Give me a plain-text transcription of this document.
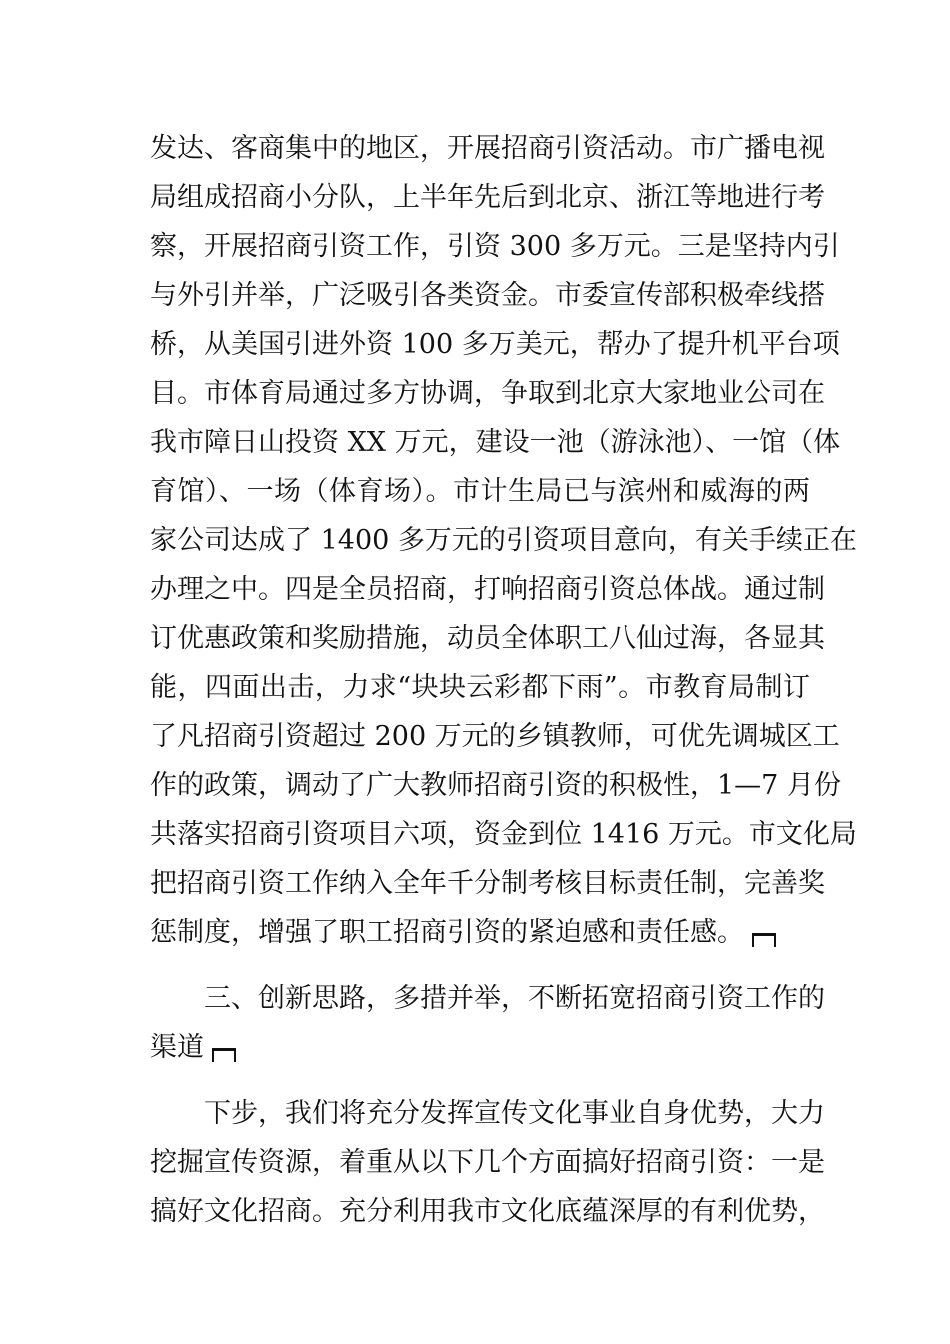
发达、客商集中的地区，开展招商引资活动。市广播电视
局组成招商小分队，上半年先后到北京、浙江等地进行考
察，开展招商引资工作，引资 300 多万元。三是坚持内引
与外引并举，广泛吸引各类资金。市委宣传部积极牵线搭
桥，从美国引进外资 100 多万美元，帮办了提升机平台项
目。市体育局通过多方协调，争取到北京大家地业公司在
我市障日山投资 XX 万元，建设一池（游泳池）、一馆（体
育馆）、一场（体育场）。市计生局已与滨州和威海的两
家公司达成了 1400 多万元的引资项目意向，有关手续正在
办理之中。四是全员招商，打响招商引资总体战。通过制
订优惠政策和奖励措施，动员全体职工八仙过海，各显其
能，四面出击，力求“块块云彩都下雨”。市教育局制订
了凡招商引资超过 200 万元的乡镇教师，可优先调城区工
作的政策，调动了广大教师招商引资的积极性，1—7 月份
共落实招商引资项目六项，资金到位 1416 万元。市文化局
把招商引资工作纳入全年千分制考核目标责任制，完善奖
惩制度，增强了职工招商引资的紧迫感和责任感。
三、创新思路，多措并举，不断拓宽招商引资工作的
渠道
下步，我们将充分发挥宣传文化事业自身优势，大力
挖掘宣传资源，着重从以下几个方面搞好招商引资：一是
搞好文化招商。充分利用我市文化底蕴深厚的有利优势，
